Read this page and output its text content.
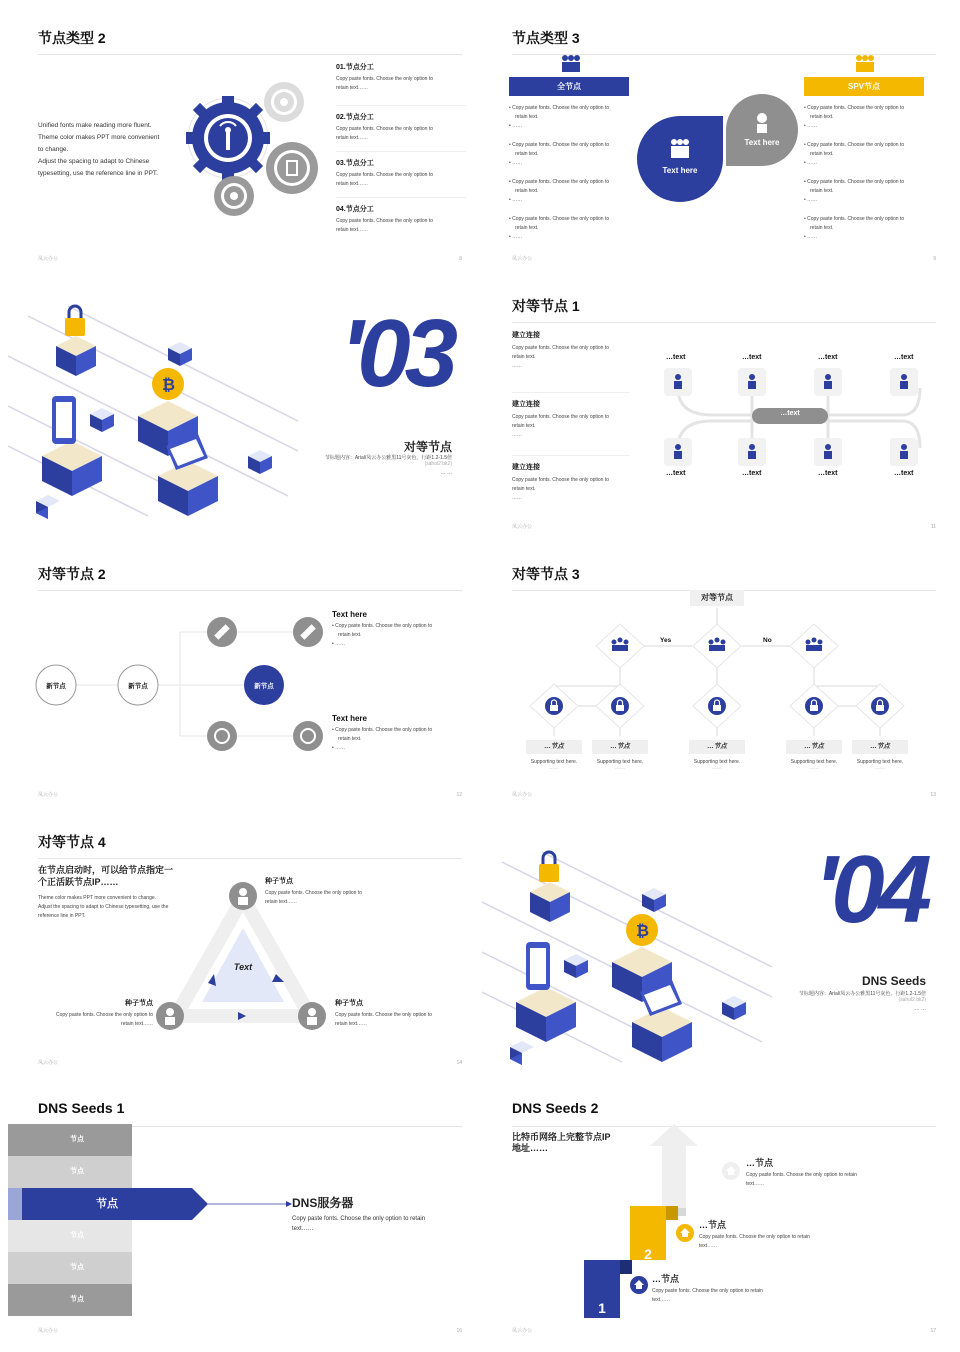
节点类型 2
Unified fonts make reading more fluent.
Theme color makes PPT more convenient
to change.
Adjust the spacing to adapt to Chinese
typesetting, use the reference line in PPT.
01.节点分工
Copy paste fonts. Choose the only option to
retain text……
02.节点分工
Copy paste fonts. Choose the only option to
retain text……
03.节点分工
Copy paste fonts. Choose the only option to
retain text……
04.节点分工
Copy paste fonts. Choose the only option to
retain text……
凤云办公	8
节点类型 3
全节点	SPV节点
• Copy paste fonts. Choose the only option to
retain text.
• ……
• Copy paste fonts. Choose the only option to
retain text.
• ……
• Copy paste fonts. Choose the only option to
retain text.
• ……
• Copy paste fonts. Choose the only option to
retain text.
• ……
• Copy paste fonts. Choose the only option to
retain text.
• ……
• Copy paste fonts. Choose the only option to
retain text.
• ……
• Copy paste fonts. Choose the only option to
retain text.
• ……
• Copy paste fonts. Choose the only option to
retain text.
• ……
Text here
Text here
凤云办公	9
₿ '03
对等节点
节标题内容：Arial/凤云办公雅黑11号灰色，行距1.2-1.5倍
(sahol2 bk2)
… …
对等节点 1
建立连接
Copy paste fonts. Choose the only option to
retain text.
……
建立连接
Copy paste fonts. Choose the only option to
retain text.
……
建立连接
Copy paste fonts. Choose the only option to
retain text.
……
…text
…text	…text	…text	…text
…text	…text	…text	…text
凤云办公	11
对等节点 2
新节点	新节点	新节点
Text here
• Copy paste fonts. Choose the only option to
retain text.
• ……
Text here
• Copy paste fonts. Choose the only option to
retain text.
• ……
凤云办公	12
对等节点 3
对等节点
Yes	No
…节点	…节点	…节点	…节点	…节点
Supporting text here.
……
Supporting text here.
……
Supporting text here.
……
Supporting text here.
……
Supporting text here.
……
凤云办公	13
对等节点 4
在节点启动时，可以给节点指定一
个正活跃节点IP……
Theme color makes PPT more convenient to change.
Adjust the spacing to adapt to Chinese typesetting, use the
reference line in PPT.
Text
种子节点
Copy paste fonts. Choose the only option to
retain text……
种子节点
Copy paste fonts. Choose the only option to
retain text……
种子节点
Copy paste fonts. Choose the only option to
retain text……
凤云办公	14
₿ '04
DNS Seeds
节标题内容：Arial/凤云办公雅黑11号灰色，行距1.2-1.5倍
(sahol2 bk2)
… …
DNS Seeds 1
节点
节点
节点
节点
节点
节点	DNS服务器
Copy paste fonts. Choose the only option to retain
text……
凤云办公	16
DNS Seeds 2
比特币网络上完整节点IP
地址……
1
2
3
…节点
Copy paste fonts. Choose the only option to retain
text……
…节点
Copy paste fonts. Choose the only option to retain
text……
…节点
Copy paste fonts. Choose the only option to retain
text……
凤云办公	17
